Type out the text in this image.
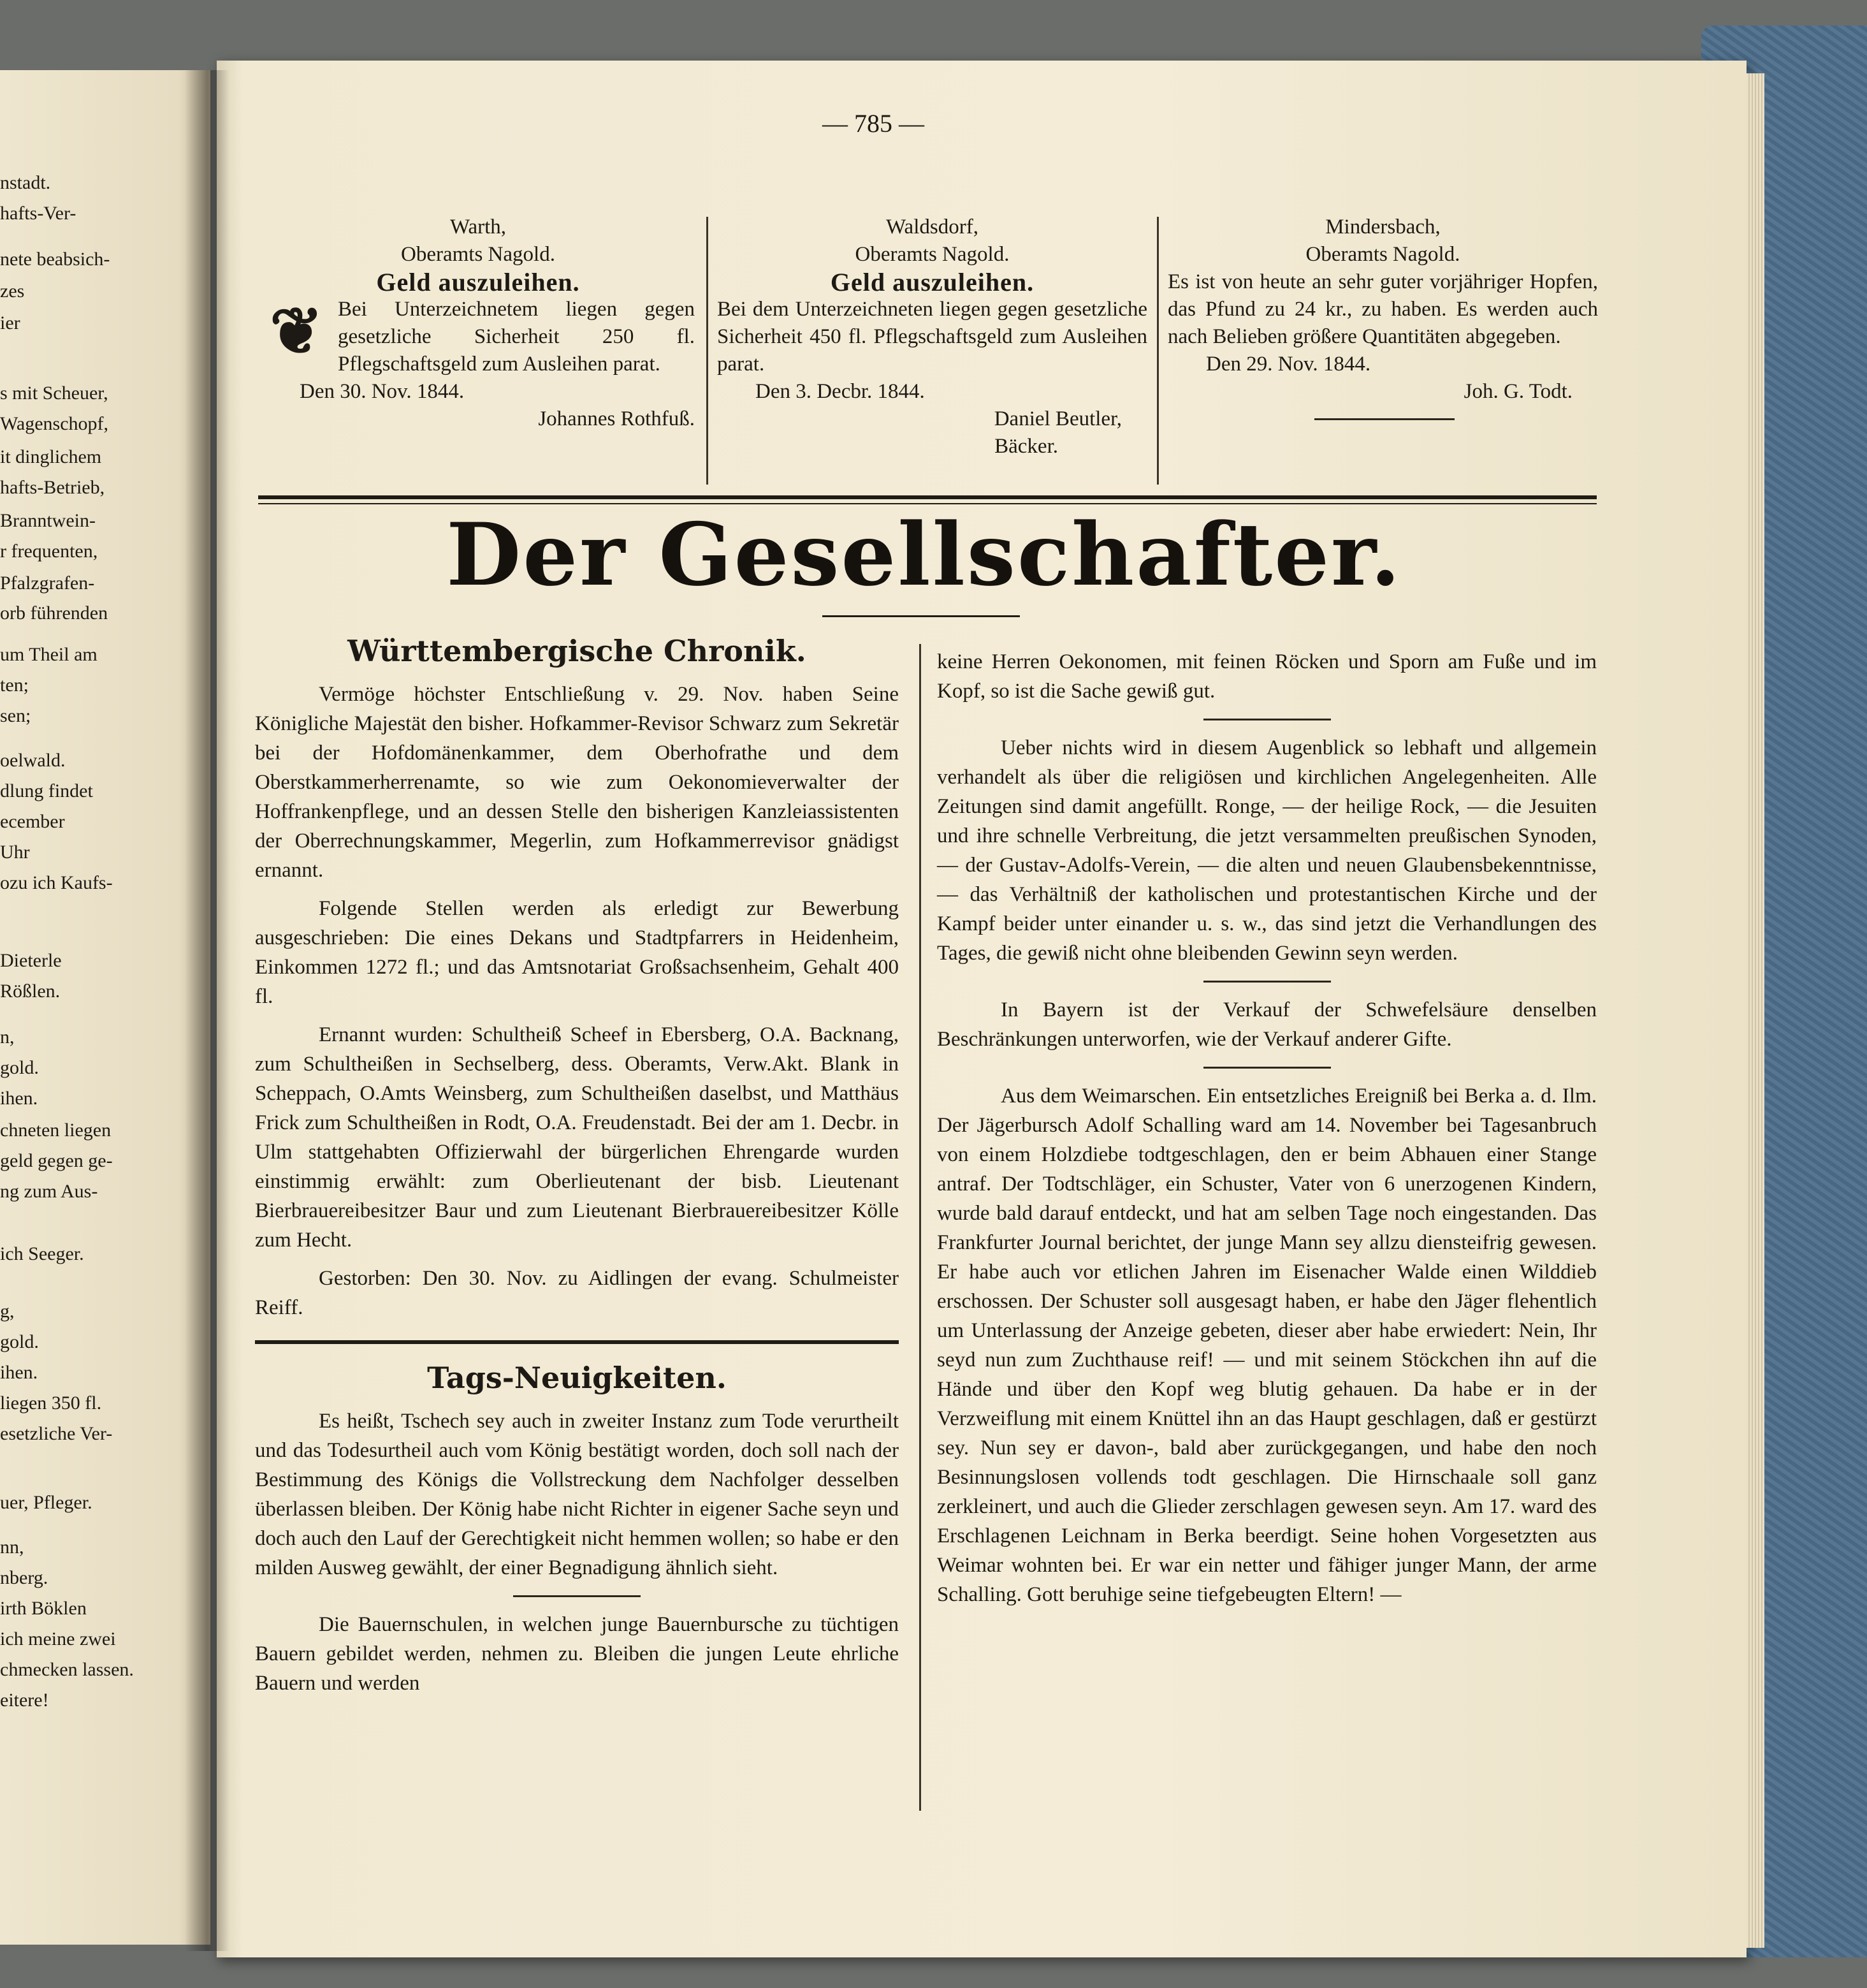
nstadt.
hafts-Ver-
nete beabsich-
zes
ier
s mit Scheuer,
Wagenschopf,
it dinglichem
hafts-Betrieb,
Branntwein-
r frequenten,
Pfalzgrafen-
orb führenden
um Theil am
ten;
sen;
oelwald.
dlung findet
ecember
Uhr
ozu ich Kaufs-
Dieterle
Rößlen.
n,
gold.
ihen.
chneten liegen
geld gegen ge-
ng zum Aus-
ich Seeger.
g,
gold.
ihen.
liegen 350 fl.
esetzliche Ver-
uer, Pfleger.
nn,
nberg.
irth Böklen
ich meine zwei
chmecken lassen.
eitere!
— 785 —
Warth,
Oberamts Nagold.
Geld auszuleihen.
❦ Bei Unterzeichnetem liegen gegen gesetzliche Sicherheit 250 fl. Pflegschaftsgeld zum Ausleihen parat.
Den 30. Nov. 1844.
Johannes Rothfuß.
Waldsdorf,
Oberamts Nagold.
Geld auszuleihen.
Bei dem Unterzeichneten liegen gegen gesetzliche Sicherheit 450 fl. Pflegschaftsgeld zum Ausleihen parat.
Den 3. Decbr. 1844.
Daniel Beutler,
Bäcker.
Mindersbach,
Oberamts Nagold.
Es ist von heute an sehr guter vorjähriger Hopfen, das Pfund zu 24 kr., zu haben. Es werden auch nach Belieben größere Quantitäten abgegeben.
Den 29. Nov. 1844.
Joh. G. Todt.
Der Gesellschafter.
Württembergische Chronik.

Vermöge höchster Entschließung v. 29. Nov. haben Seine Königliche Majestät den bisher. Hofkammer-Revisor Schwarz zum Sekretär bei der Hofdomänenkammer, dem Oberhofrathe und dem Oberstkammerherrenamte, so wie zum Oekonomieverwalter der Hoffrankenpflege, und an dessen Stelle den bisherigen Kanzleiassistenten der Oberrechnungskammer, Megerlin, zum Hofkammerrevisor gnädigst ernannt.

Folgende Stellen werden als erledigt zur Bewerbung ausgeschrieben: Die eines Dekans und Stadtpfarrers in Heidenheim, Einkommen 1272 fl.; und das Amtsnotariat Großsachsenheim, Gehalt 400 fl.

Ernannt wurden: Schultheiß Scheef in Ebersberg, O.A. Backnang, zum Schultheißen in Sechselberg, dess. Oberamts, Verw.Akt. Blank in Scheppach, O.Amts Weinsberg, zum Schultheißen daselbst, und Matthäus Frick zum Schultheißen in Rodt, O.A. Freudenstadt. Bei der am 1. Decbr. in Ulm stattgehabten Offizierwahl der bürgerlichen Ehrengarde wurden einstimmig erwählt: zum Oberlieutenant der bisb. Lieutenant Bierbrauereibesitzer Baur und zum Lieutenant Bierbrauereibesitzer Kölle zum Hecht.

Gestorben: Den 30. Nov. zu Aidlingen der evang. Schulmeister Reiff.

Tags-Neuigkeiten.

Es heißt, Tschech sey auch in zweiter Instanz zum Tode verurtheilt und das Todesurtheil auch vom König bestätigt worden, doch soll nach der Bestimmung des Königs die Vollstreckung dem Nachfolger desselben überlassen bleiben. Der König habe nicht Richter in eigener Sache seyn und doch auch den Lauf der Gerechtigkeit nicht hemmen wollen; so habe er den milden Ausweg gewählt, der einer Begnadigung ähnlich sieht.

Die Bauernschulen, in welchen junge Bauernbursche zu tüchtigen Bauern gebildet werden, nehmen zu. Bleiben die jungen Leute ehrliche Bauern und werden

keine Herren Oekonomen, mit feinen Röcken und Sporn am Fuße und im Kopf, so ist die Sache gewiß gut.

Ueber nichts wird in diesem Augenblick so lebhaft und allgemein verhandelt als über die religiösen und kirchlichen Angelegenheiten. Alle Zeitungen sind damit angefüllt. Ronge, — der heilige Rock, — die Jesuiten und ihre schnelle Verbreitung, die jetzt versammelten preußischen Synoden, — der Gustav-Adolfs-Verein, — die alten und neuen Glaubensbekenntnisse, — das Verhältniß der katholischen und protestantischen Kirche und der Kampf beider unter einander u. s. w., das sind jetzt die Verhandlungen des Tages, die gewiß nicht ohne bleibenden Gewinn seyn werden.

In Bayern ist der Verkauf der Schwefelsäure denselben Beschränkungen unterworfen, wie der Verkauf anderer Gifte.

Aus dem Weimarschen. Ein entsetzliches Ereigniß bei Berka a. d. Ilm. Der Jägerbursch Adolf Schalling ward am 14. November bei Tagesanbruch von einem Holzdiebe todtgeschlagen, den er beim Abhauen einer Stange antraf. Der Todtschläger, ein Schuster, Vater von 6 unerzogenen Kindern, wurde bald darauf entdeckt, und hat am selben Tage noch eingestanden. Das Frankfurter Journal berichtet, der junge Mann sey allzu diensteifrig gewesen. Er habe auch vor etlichen Jahren im Eisenacher Walde einen Wilddieb erschossen. Der Schuster soll ausgesagt haben, er habe den Jäger flehentlich um Unterlassung der Anzeige gebeten, dieser aber habe erwiedert: Nein, Ihr seyd nun zum Zuchthause reif! — und mit seinem Stöckchen ihn auf die Hände und über den Kopf weg blutig gehauen. Da habe er in der Verzweiflung mit einem Knüttel ihn an das Haupt geschlagen, daß er gestürzt sey. Nun sey er davon-, bald aber zurückgegangen, und habe den noch Besinnungslosen vollends todt geschlagen. Die Hirnschaale soll ganz zerkleinert, und auch die Glieder zerschlagen gewesen seyn. Am 17. ward des Erschlagenen Leichnam in Berka beerdigt. Seine hohen Vorgesetzten aus Weimar wohnten bei. Er war ein netter und fähiger junger Mann, der arme Schalling. Gott beruhige seine tiefgebeugten Eltern! —
